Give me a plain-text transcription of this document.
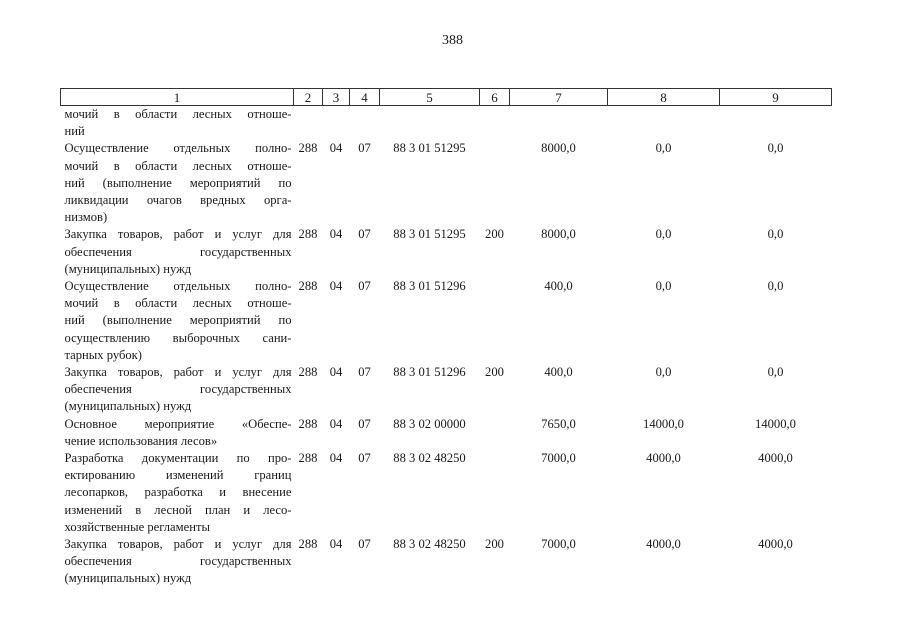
388
1	2	3	4	5	6	7	8	9

мочий в области лесных отноше-
ний								

Осуществление отдельных полно-
мочий в области лесных отноше-
ний (выполнение мероприятий по
ликвидации очагов вредных орга-
низмов)	288	04	07	88 3 01 51295		8000,0	0,0	0,0

Закупка товаров, работ и услуг для
обеспечения государственных
(муниципальных) нужд	288	04	07	88 3 01 51295	200	8000,0	0,0	0,0

Осуществление отдельных полно-
мочий в области лесных отноше-
ний (выполнение мероприятий по
осуществлению выборочных сани-
тарных рубок)	288	04	07	88 3 01 51296		400,0	0,0	0,0

Закупка товаров, работ и услуг для
обеспечения государственных
(муниципальных) нужд	288	04	07	88 3 01 51296	200	400,0	0,0	0,0

Основное мероприятие «Обеспе-
чение использования лесов»	288	04	07	88 3 02 00000		7650,0	14000,0	14000,0

Разработка документации по про-
ектированию изменений границ
лесопарков, разработка и внесение
изменений в лесной план и лесо-
хозяйственные регламенты	288	04	07	88 3 02 48250		7000,0	4000,0	4000,0

Закупка товаров, работ и услуг для
обеспечения государственных
(муниципальных) нужд	288	04	07	88 3 02 48250	200	7000,0	4000,0	4000,0
